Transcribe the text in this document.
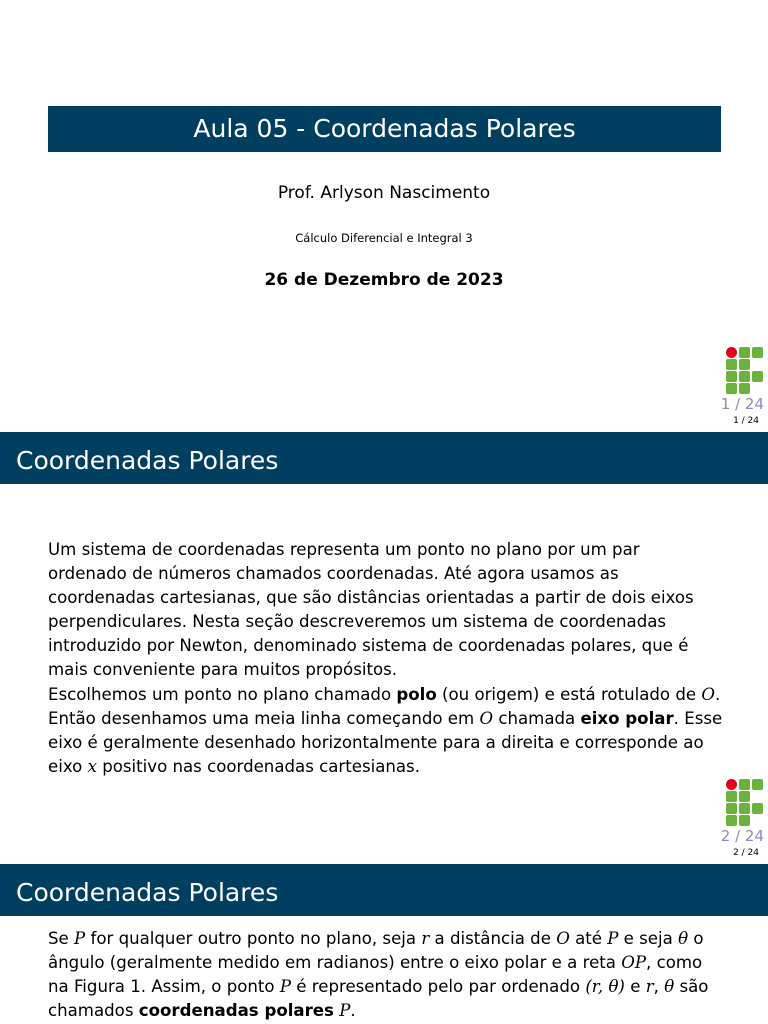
Aula 05 - Coordenadas Polares
Prof. Arlyson Nascimento
Cálculo Diferencial e Integral 3
26 de Dezembro de 2023
1 / 24
1 / 24
Coordenadas Polares

Um sistema de coordenadas representa um ponto no plano por um par ordenado de números chamados coordenadas. Até agora usamos as coordenadas cartesianas, que são distâncias orientadas a partir de dois eixos perpendiculares. Nesta seção descreveremos um sistema de coordenadas introduzido por Newton, denominado sistema de coordenadas polares, que é mais conveniente para muitos propósitos.

Escolhemos um ponto no plano chamado polo (ou origem) e está rotulado de O. Então desenhamos uma meia linha começando em O chamada eixo polar. Esse eixo é geralmente desenhado horizontalmente para a direita e corresponde ao eixo x positivo nas coordenadas cartesianas.

2 / 24
2 / 24
Coordenadas Polares

Se P for qualquer outro ponto no plano, seja r a distância de O até P e seja θ o ângulo (geralmente medido em radianos) entre o eixo polar e a reta OP, como na Figura 1. Assim, o ponto P é representado pelo par ordenado (r, θ) e r, θ são chamados coordenadas polares P.
